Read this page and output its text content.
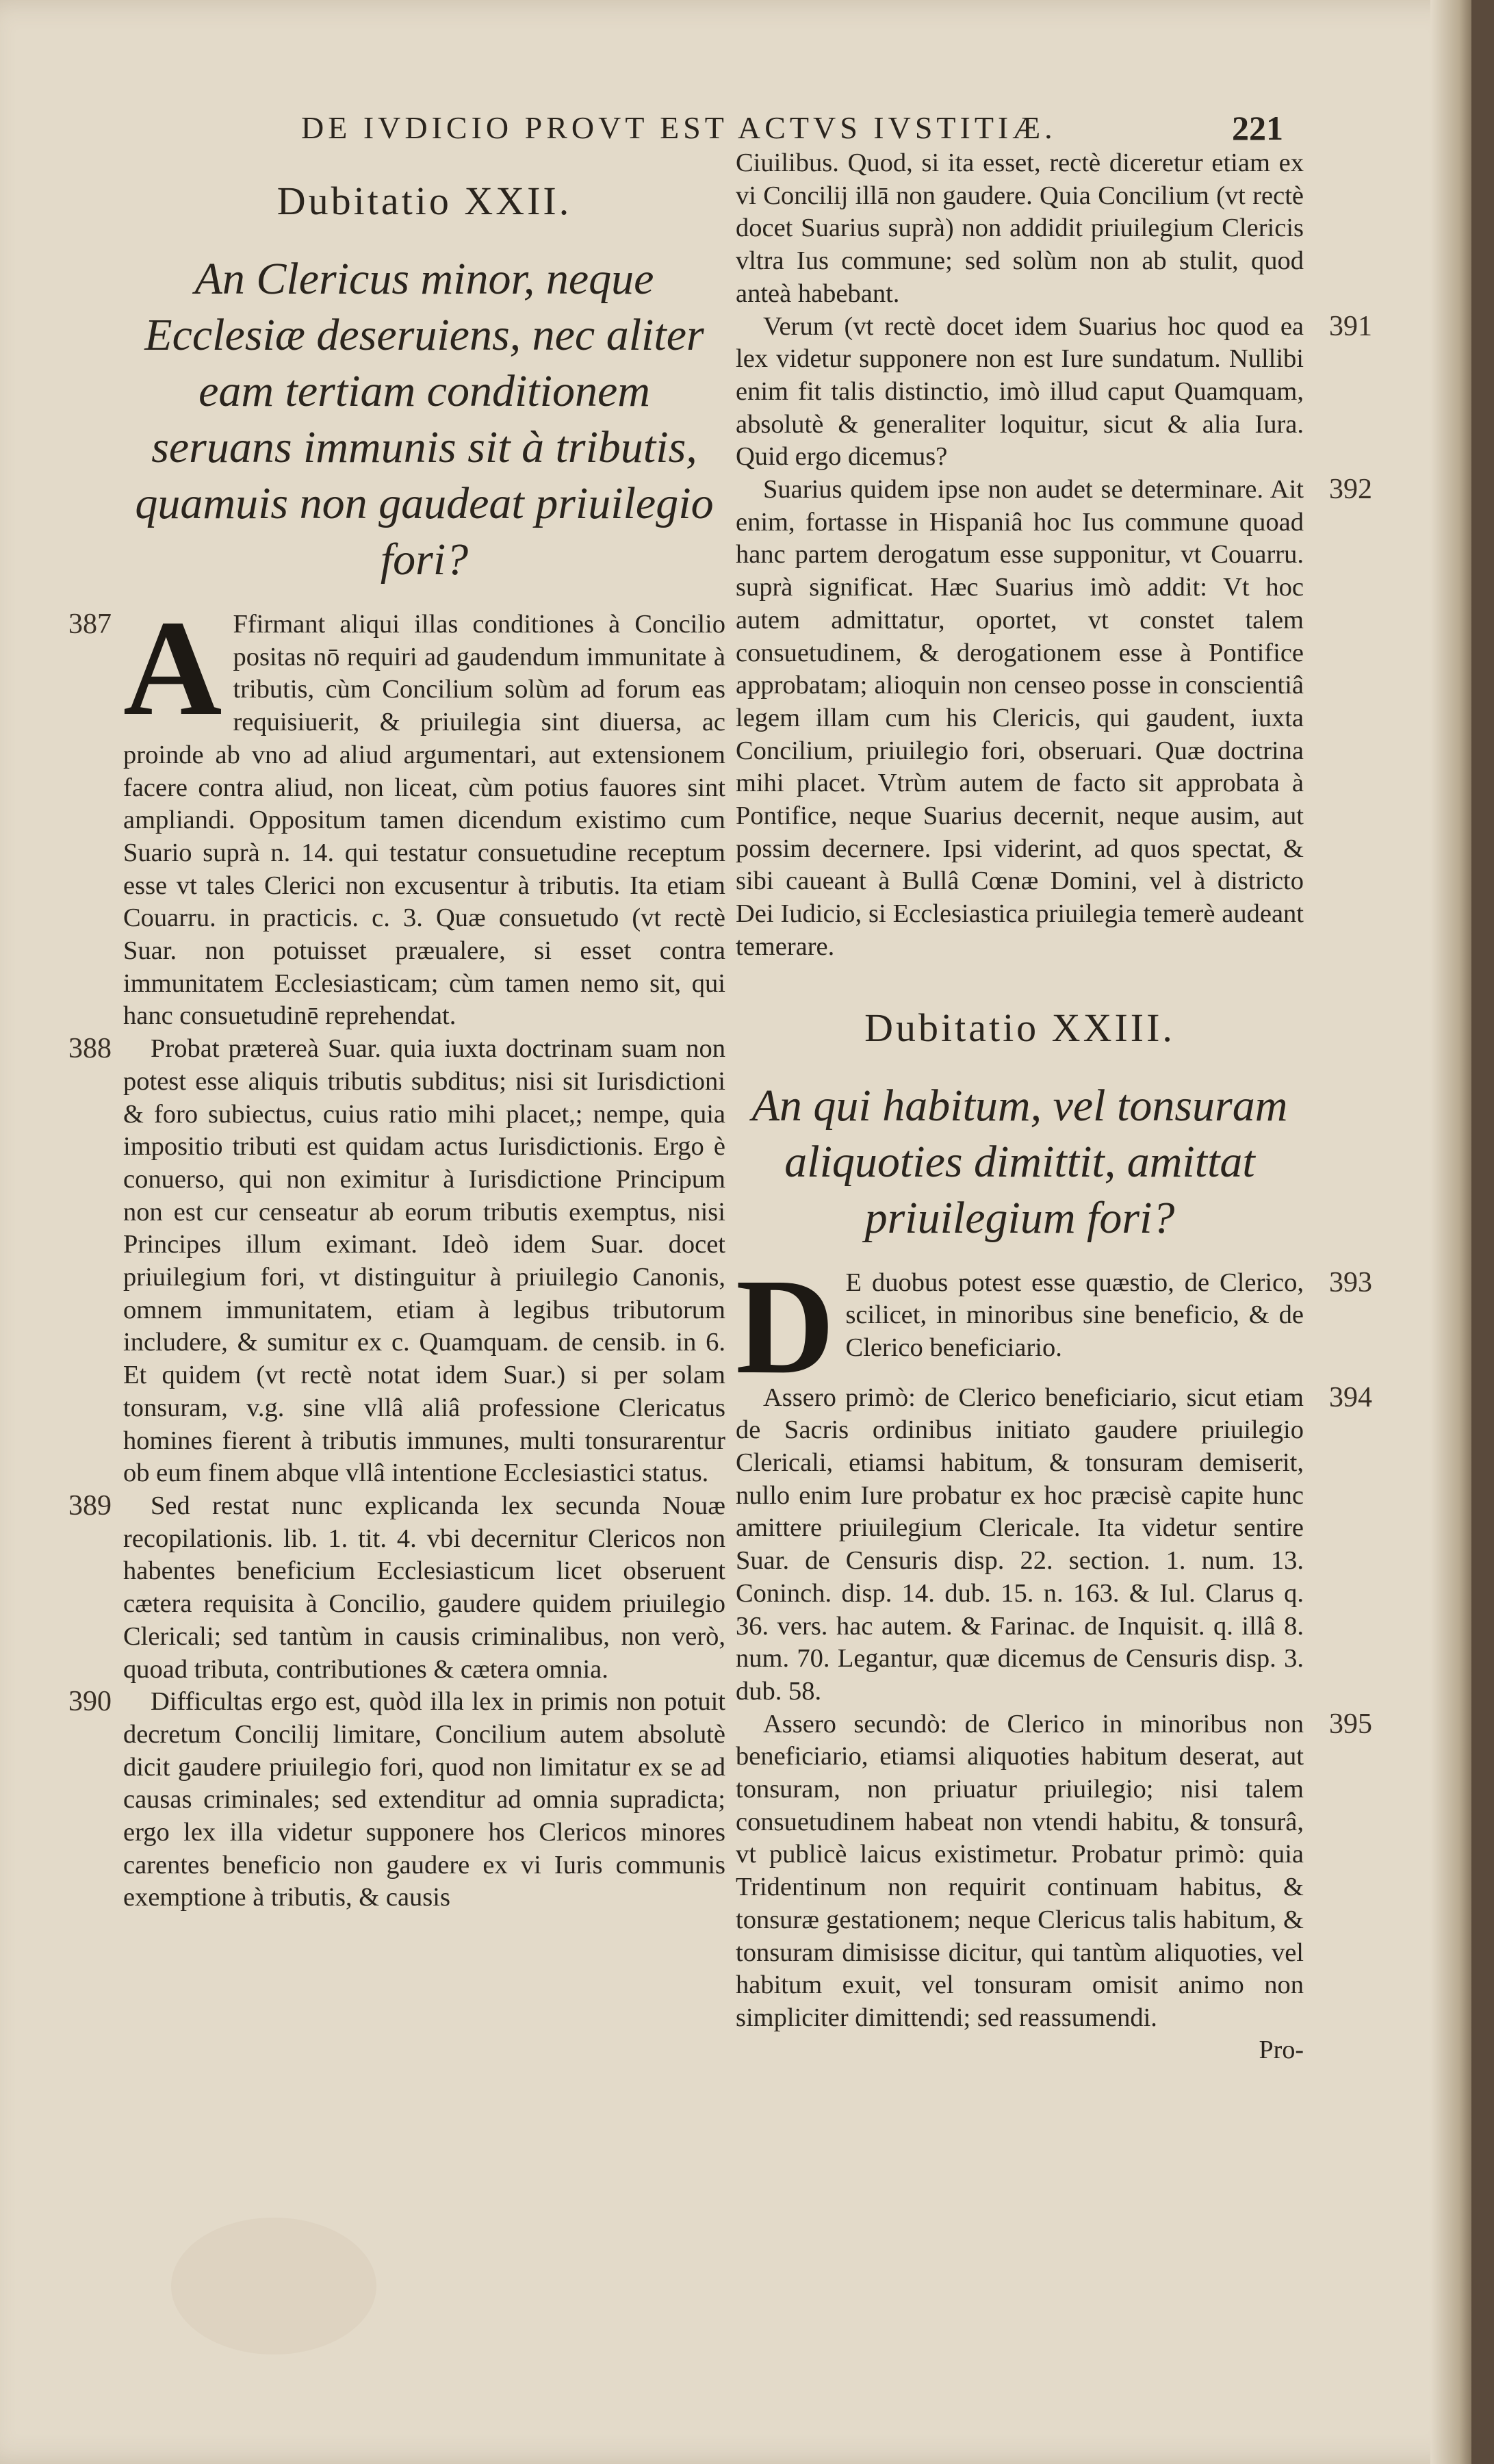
DE IVDICIO PROVT EST ACTVS IVSTITIÆ.	221
Dubitatio XXII.
An Clericus minor, neque Ecclesiæ deseruiens, nec aliter eam tertiam conditionem seruans immunis sit à tributis, quamuis non gaudeat priuilegio fori?
387 A Ffirmant aliqui illas conditiones à Concilio positas nō requiri ad gaudendum immunitate à tributis, cùm Concilium solùm ad forum eas requisiuerit, & priuilegia sint diuersa, ac proinde ab vno ad aliud argumentari, aut extensionem facere contra aliud, non liceat, cùm potius fauores sint ampliandi. Oppositum tamen dicendum existimo cum Suario suprà n. 14. qui testatur consuetudine receptum esse vt tales Clerici non excusentur à tributis. Ita etiam Couarru. in practicis. c. 3. Quæ consuetudo (vt rectè Suar. non potuisset præualere, si esset contra immunitatem Ecclesiasticam; cùm tamen nemo sit, qui hanc consuetudinē reprehendat.

388	Probat prætereà Suar. quia iuxta doctrinam suam non potest esse aliquis tributis subditus; nisi sit Iurisdictioni & foro subiectus, cuius ratio mihi placet,; nempe, quia impositio tributi est quidam actus Iurisdictionis. Ergo è conuerso, qui non eximitur à Iurisdictione Principum non est cur censeatur ab eorum tributis exemptus, nisi Principes illum eximant. Ideò idem Suar. docet priuilegium fori, vt distinguitur à priuilegio Canonis, omnem immunitatem, etiam à legibus tributorum includere, & sumitur ex c. Quamquam. de censib. in 6. Et quidem (vt rectè notat idem Suar.) si per solam tonsuram, v.g. sine vllâ aliâ professione Clericatus homines fierent à tributis immunes, multi tonsurarentur ob eum finem abque vllâ intentione Ecclesiastici status.

389	Sed restat nunc explicanda lex secunda Nouæ recopilationis. lib. 1. tit. 4. vbi decernitur Clericos non habentes beneficium Ecclesiasticum licet obseruent cætera requisita à Concilio, gaudere quidem priuilegio Clericali; sed tantùm in causis criminalibus, non verò, quoad tributa, contributiones & cætera omnia.

390	Difficultas ergo est, quòd illa lex in primis non potuit decretum Concilij limitare, Concilium autem absolutè dicit gaudere priuilegio fori, quod non limitatur ex se ad causas criminales; sed extenditur ad omnia supradicta; ergo lex illa videtur supponere hos Clericos minores carentes beneficio non gaudere ex vi Iuris communis exemptione à tributis, & causis

Ciuilibus. Quod, si ita esset, rectè diceretur etiam ex vi Concilij illā non gaudere. Quia Concilium (vt rectè docet Suarius suprà) non addidit priuilegium Clericis vltra Ius commune; sed solùm non ab stulit, quod anteà habebant.

391

Verum (vt rectè docet idem Suarius hoc quod ea lex videtur supponere non est Iure sundatum. Nullibi enim fit talis distinctio, imò illud caput Quamquam, absolutè & generaliter loquitur, sicut & alia Iura. Quid ergo dicemus?

392

Suarius quidem ipse non audet se determinare. Ait enim, fortasse in Hispaniâ hoc Ius commune quoad hanc partem derogatum esse supponitur, vt Couarru. suprà significat. Hæc Suarius imò addit: Vt hoc autem admittatur, oportet, vt constet talem consuetudinem, & derogationem esse à Pontifice approbatam; alioquin non censeo posse in conscientiâ legem illam cum his Clericis, qui gaudent, iuxta Concilium, priuilegio fori, obseruari. Quæ doctrina mihi placet. Vtrùm autem de facto sit approbata à Pontifice, neque Suarius decernit, neque ausim, aut possim decernere. Ipsi viderint, ad quos spectat, & sibi caueant à Bullâ Cœnæ Domini, vel à districto Dei Iudicio, si Ecclesiastica priuilegia temerè audeant temerare.

Dubitatio XXIII.
An qui habitum, vel tonsuram aliquoties dimittit, amittat priuilegium fori?
393
D E duobus potest esse quæstio, de Clerico, scilicet, in minoribus sine beneficio, & de Clerico beneficiario.

394

Assero primò: de Clerico beneficiario, sicut etiam de Sacris ordinibus initiato gaudere priuilegio Clericali, etiamsi habitum, & tonsuram demiserit, nullo enim Iure probatur ex hoc præcisè capite hunc amittere priuilegium Clericale. Ita videtur sentire Suar. de Censuris disp. 22. section. 1. num. 13. Coninch. disp. 14. dub. 15. n. 163. & Iul. Clarus q. 36. vers. hac autem. & Farinac. de Inquisit. q. illâ 8. num. 70. Legantur, quæ dicemus de Censuris disp. 3. dub. 58.

395

Assero secundò: de Clerico in minoribus non beneficiario, etiamsi aliquoties habitum deserat, aut tonsuram, non priuatur priuilegio; nisi talem consuetudinem habeat non vtendi habitu, & tonsurâ, vt publicè laicus existimetur. Probatur primò: quia Tridentinum non requirit continuam habitus, & tonsuræ gestationem; neque Clericus talis habitum, & tonsuram dimisisse dicitur, qui tantùm aliquoties, vel habitum exuit, vel tonsuram omisit animo non simpliciter dimittendi; sed reassumendi.

Pro-
